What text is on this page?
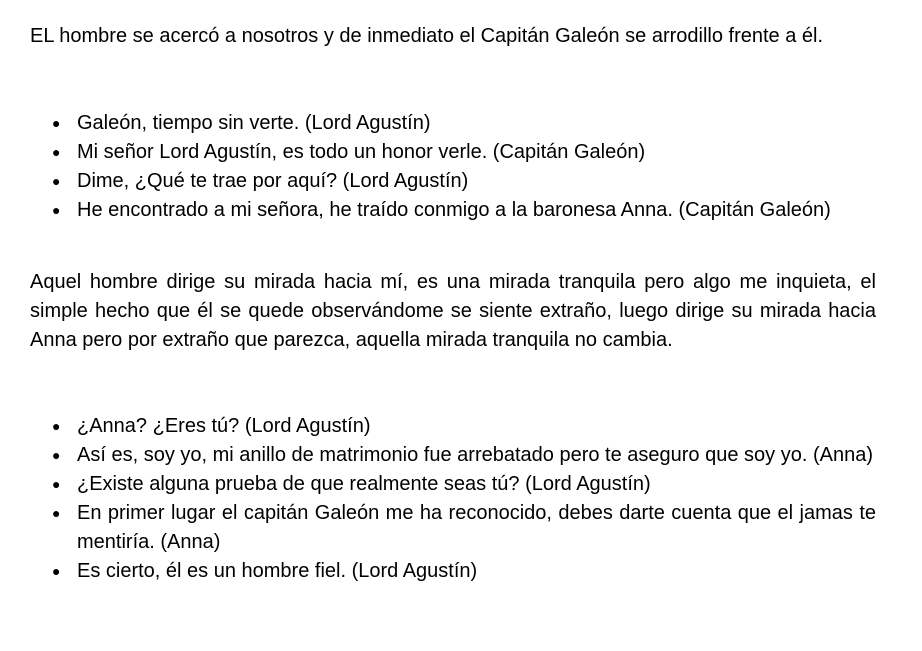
EL hombre se acercó a nosotros y de inmediato el Capitán Galeón se arrodillo frente a él.

● Galeón, tiempo sin verte. (Lord Agustín)
● Mi señor Lord Agustín, es todo un honor verle. (Capitán Galeón)
● Dime, ¿Qué te trae por aquí? (Lord Agustín)
● He encontrado a mi señora, he traído conmigo a la baronesa Anna. (Capitán Galeón)

Aquel hombre dirige su mirada hacia mí, es una mirada tranquila pero algo me inquieta, el simple hecho que él se quede observándome se siente extraño, luego dirige su mirada hacia Anna pero por extraño que parezca, aquella mirada tranquila no cambia.

● ¿Anna? ¿Eres tú? (Lord Agustín)
● Así es, soy yo, mi anillo de matrimonio fue arrebatado pero te aseguro que soy yo. (Anna)
● ¿Existe alguna prueba de que realmente seas tú? (Lord Agustín)
● En primer lugar el capitán Galeón me ha reconocido, debes darte cuenta que el jamas te mentiría. (Anna)
● Es cierto, él es un hombre fiel. (Lord Agustín)
